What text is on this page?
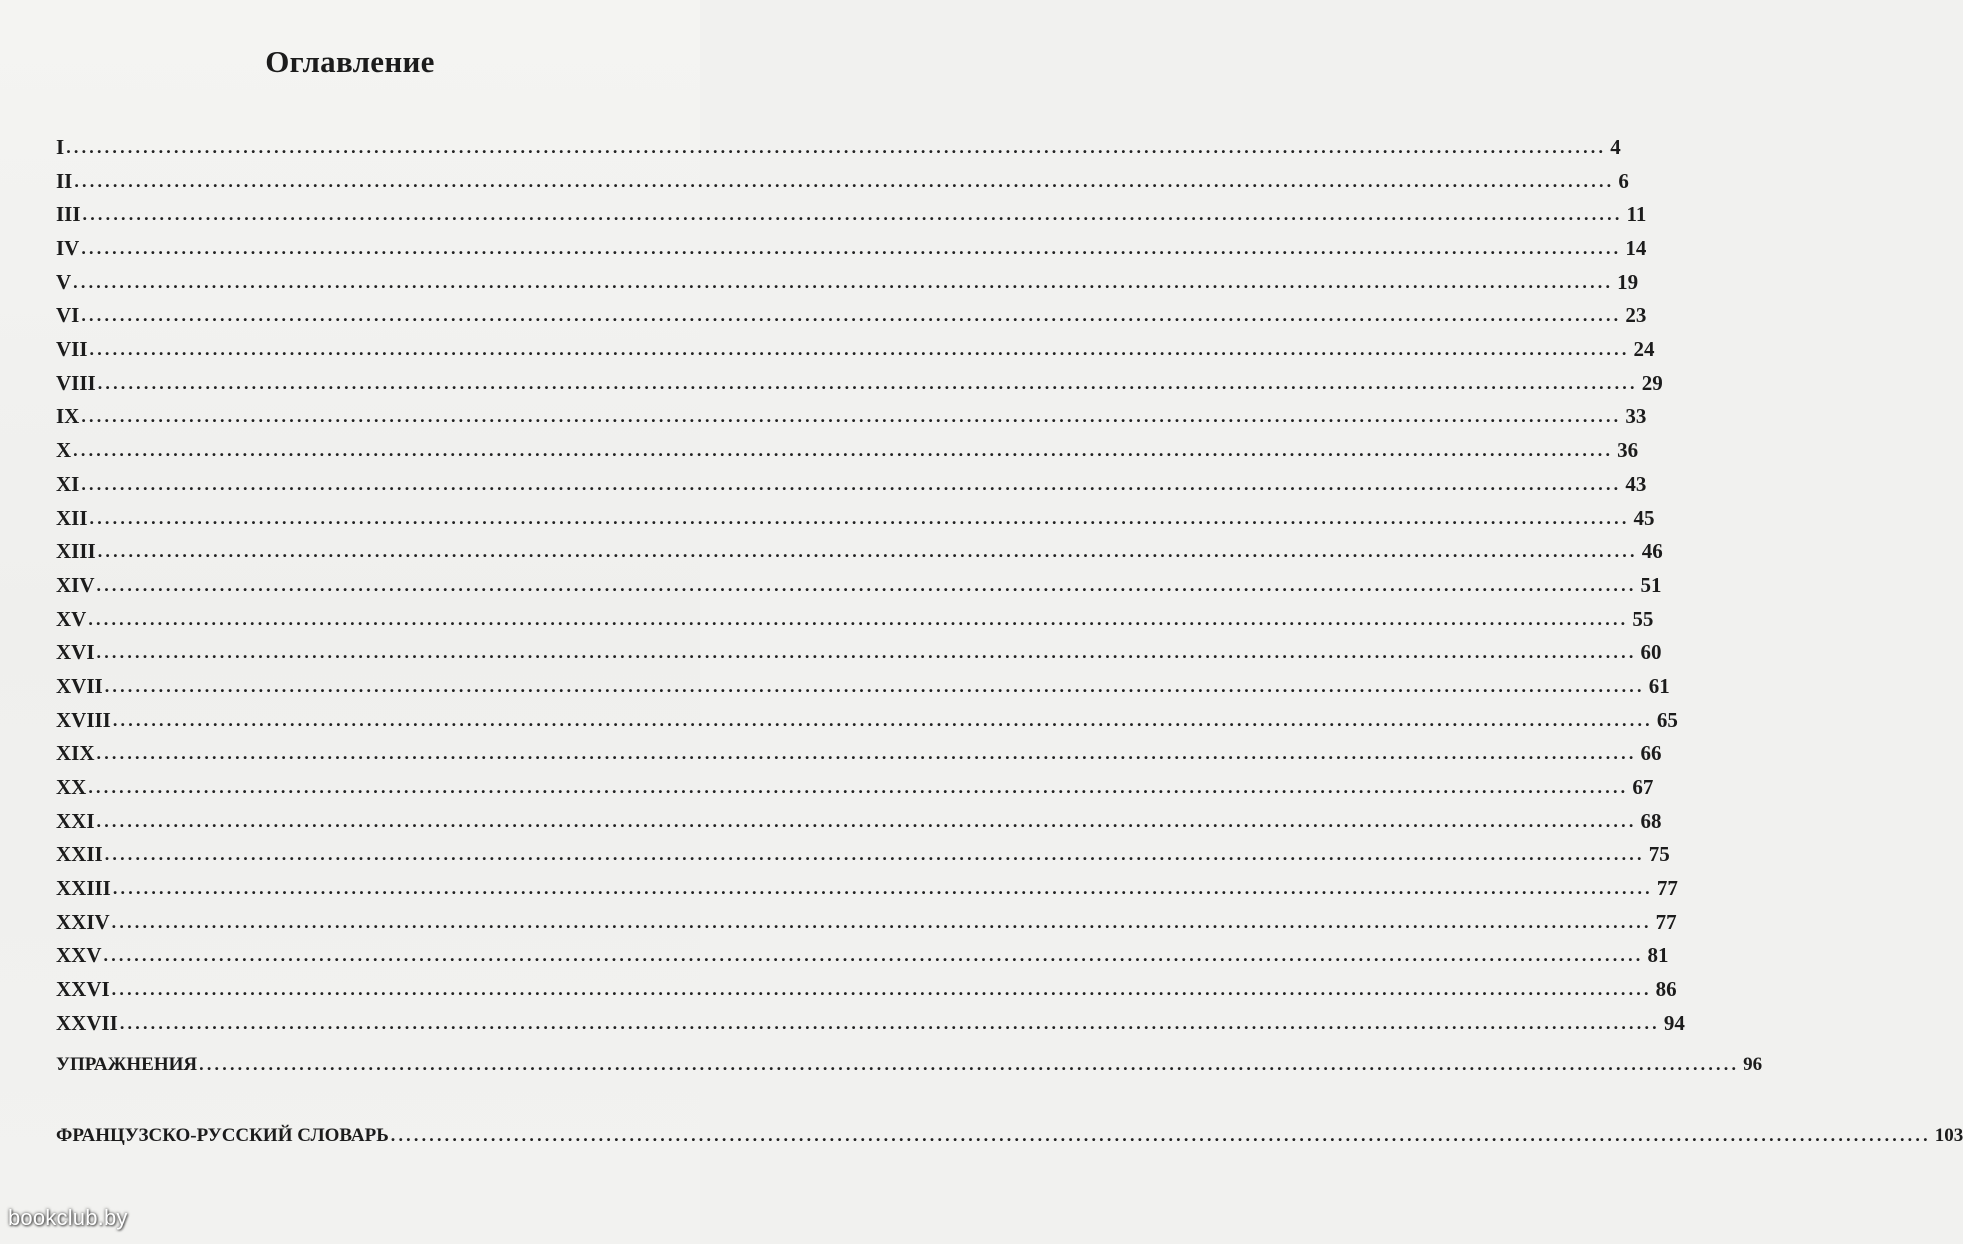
Оглавление
I ........................................................................................................................................................................................................ 4
II ........................................................................................................................................................................................................ 6
III ........................................................................................................................................................................................................ 11
IV ........................................................................................................................................................................................................ 14
V ........................................................................................................................................................................................................ 19
VI ........................................................................................................................................................................................................ 23
VII ........................................................................................................................................................................................................ 24
VIII ........................................................................................................................................................................................................ 29
IX ........................................................................................................................................................................................................ 33
X ........................................................................................................................................................................................................ 36
XI ........................................................................................................................................................................................................ 43
XII ........................................................................................................................................................................................................ 45
XIII ........................................................................................................................................................................................................ 46
XIV ........................................................................................................................................................................................................ 51
XV ........................................................................................................................................................................................................ 55
XVI ........................................................................................................................................................................................................ 60
XVII ........................................................................................................................................................................................................ 61
XVIII ........................................................................................................................................................................................................ 65
XIX ........................................................................................................................................................................................................ 66
XX ........................................................................................................................................................................................................ 67
XXI ........................................................................................................................................................................................................ 68
XXII ........................................................................................................................................................................................................ 75
XXIII ........................................................................................................................................................................................................ 77
XXIV ........................................................................................................................................................................................................ 77
XXV ........................................................................................................................................................................................................ 81
XXVI ........................................................................................................................................................................................................ 86
XXVII ........................................................................................................................................................................................................ 94
УПРАЖНЕНИЯ ........................................................................................................................................................................................................ 96
ФРАНЦУЗСКО-РУССКИЙ СЛОВАРЬ ........................................................................................................................................................................................................ 103
bookclub.by
